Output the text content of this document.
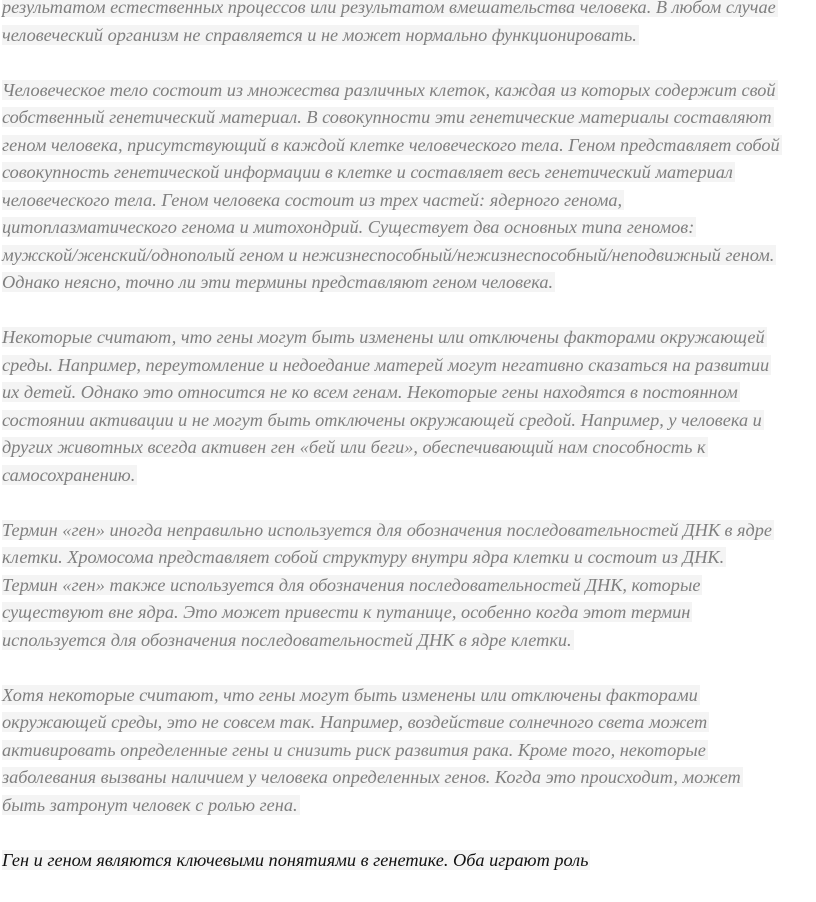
результатом естественных процессов или результатом вмешательства человека. В любом случае
человеческий организм не справляется и не может нормально функционировать.
Человеческое тело состоит из множества различных клеток, каждая из которых содержит свой
собственный генетический материал. В совокупности эти генетические материалы составляют
геном человека, присутствующий в каждой клетке человеческого тела. Геном представляет собой
совокупность генетической информации в клетке и составляет весь генетический материал
человеческого тела. Геном человека состоит из трех частей: ядерного генома,
цитоплазматического генома и митохондрий. Существует два основных типа геномов:
мужской/женский/однополый геном и нежизнеспособный/нежизнеспособный/неподвижный геном.
Однако неясно, точно ли эти термины представляют геном человека.
Некоторые считают, что гены могут быть изменены или отключены факторами окружающей
среды. Например, переутомление и недоедание матерей могут негативно сказаться на развитии
их детей. Однако это относится не ко всем генам. Некоторые гены находятся в постоянном
состоянии активации и не могут быть отключены окружающей средой. Например, у человека и
других животных всегда активен ген «бей или беги», обеспечивающий нам способность к
самосохранению.
Термин «ген» иногда неправильно используется для обозначения последовательностей ДНК в ядре
клетки. Хромосома представляет собой структуру внутри ядра клетки и состоит из ДНК.
Термин «ген» также используется для обозначения последовательностей ДНК, которые
существуют вне ядра. Это может привести к путанице, особенно когда этот термин
используется для обозначения последовательностей ДНК в ядре клетки.
Хотя некоторые считают, что гены могут быть изменены или отключены факторами
окружающей среды, это не совсем так. Например, воздействие солнечного света может
активировать определенные гены и снизить риск развития рака. Кроме того, некоторые
заболевания вызваны наличием у человека определенных генов. Когда это происходит, может
быть затронут человек с ролью гена.
Ген и геном являются ключевыми понятиями в генетике. Оба играют роль
